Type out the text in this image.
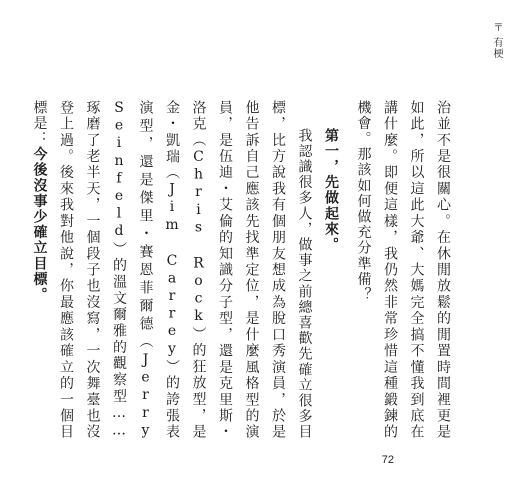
〒 有梗

治並不是很關心。在休閒放鬆的閒置時間裡更是如此，所以這此大爺、大媽完全搞不懂我到底在講什麼。即便這樣，我仍然非常珍惜這種鍛鍊的機會。那該如何做充分準備？

第一，先做起來。

我認識很多人，做事之前總喜歡先確立很多目標，比方說我有個朋友想成為脫口秀演員，於是他告訴自己應該先找準定位，是什麼風格型的演員，是伍迪・艾倫的知識分子型，還是克里斯・洛克（Chris Rock）的狂放型，是金・凱瑞（Jim Carrey）的誇張表演型，還是傑里・賽恩菲爾德（Jerry Seinfeld）的溫文爾雅的觀察型……琢磨了老半天，一個段子也沒寫，一次舞臺也沒登上過。後來我對他說，你最應該確立的一個目標是：今後沒事少確立目標。

72
